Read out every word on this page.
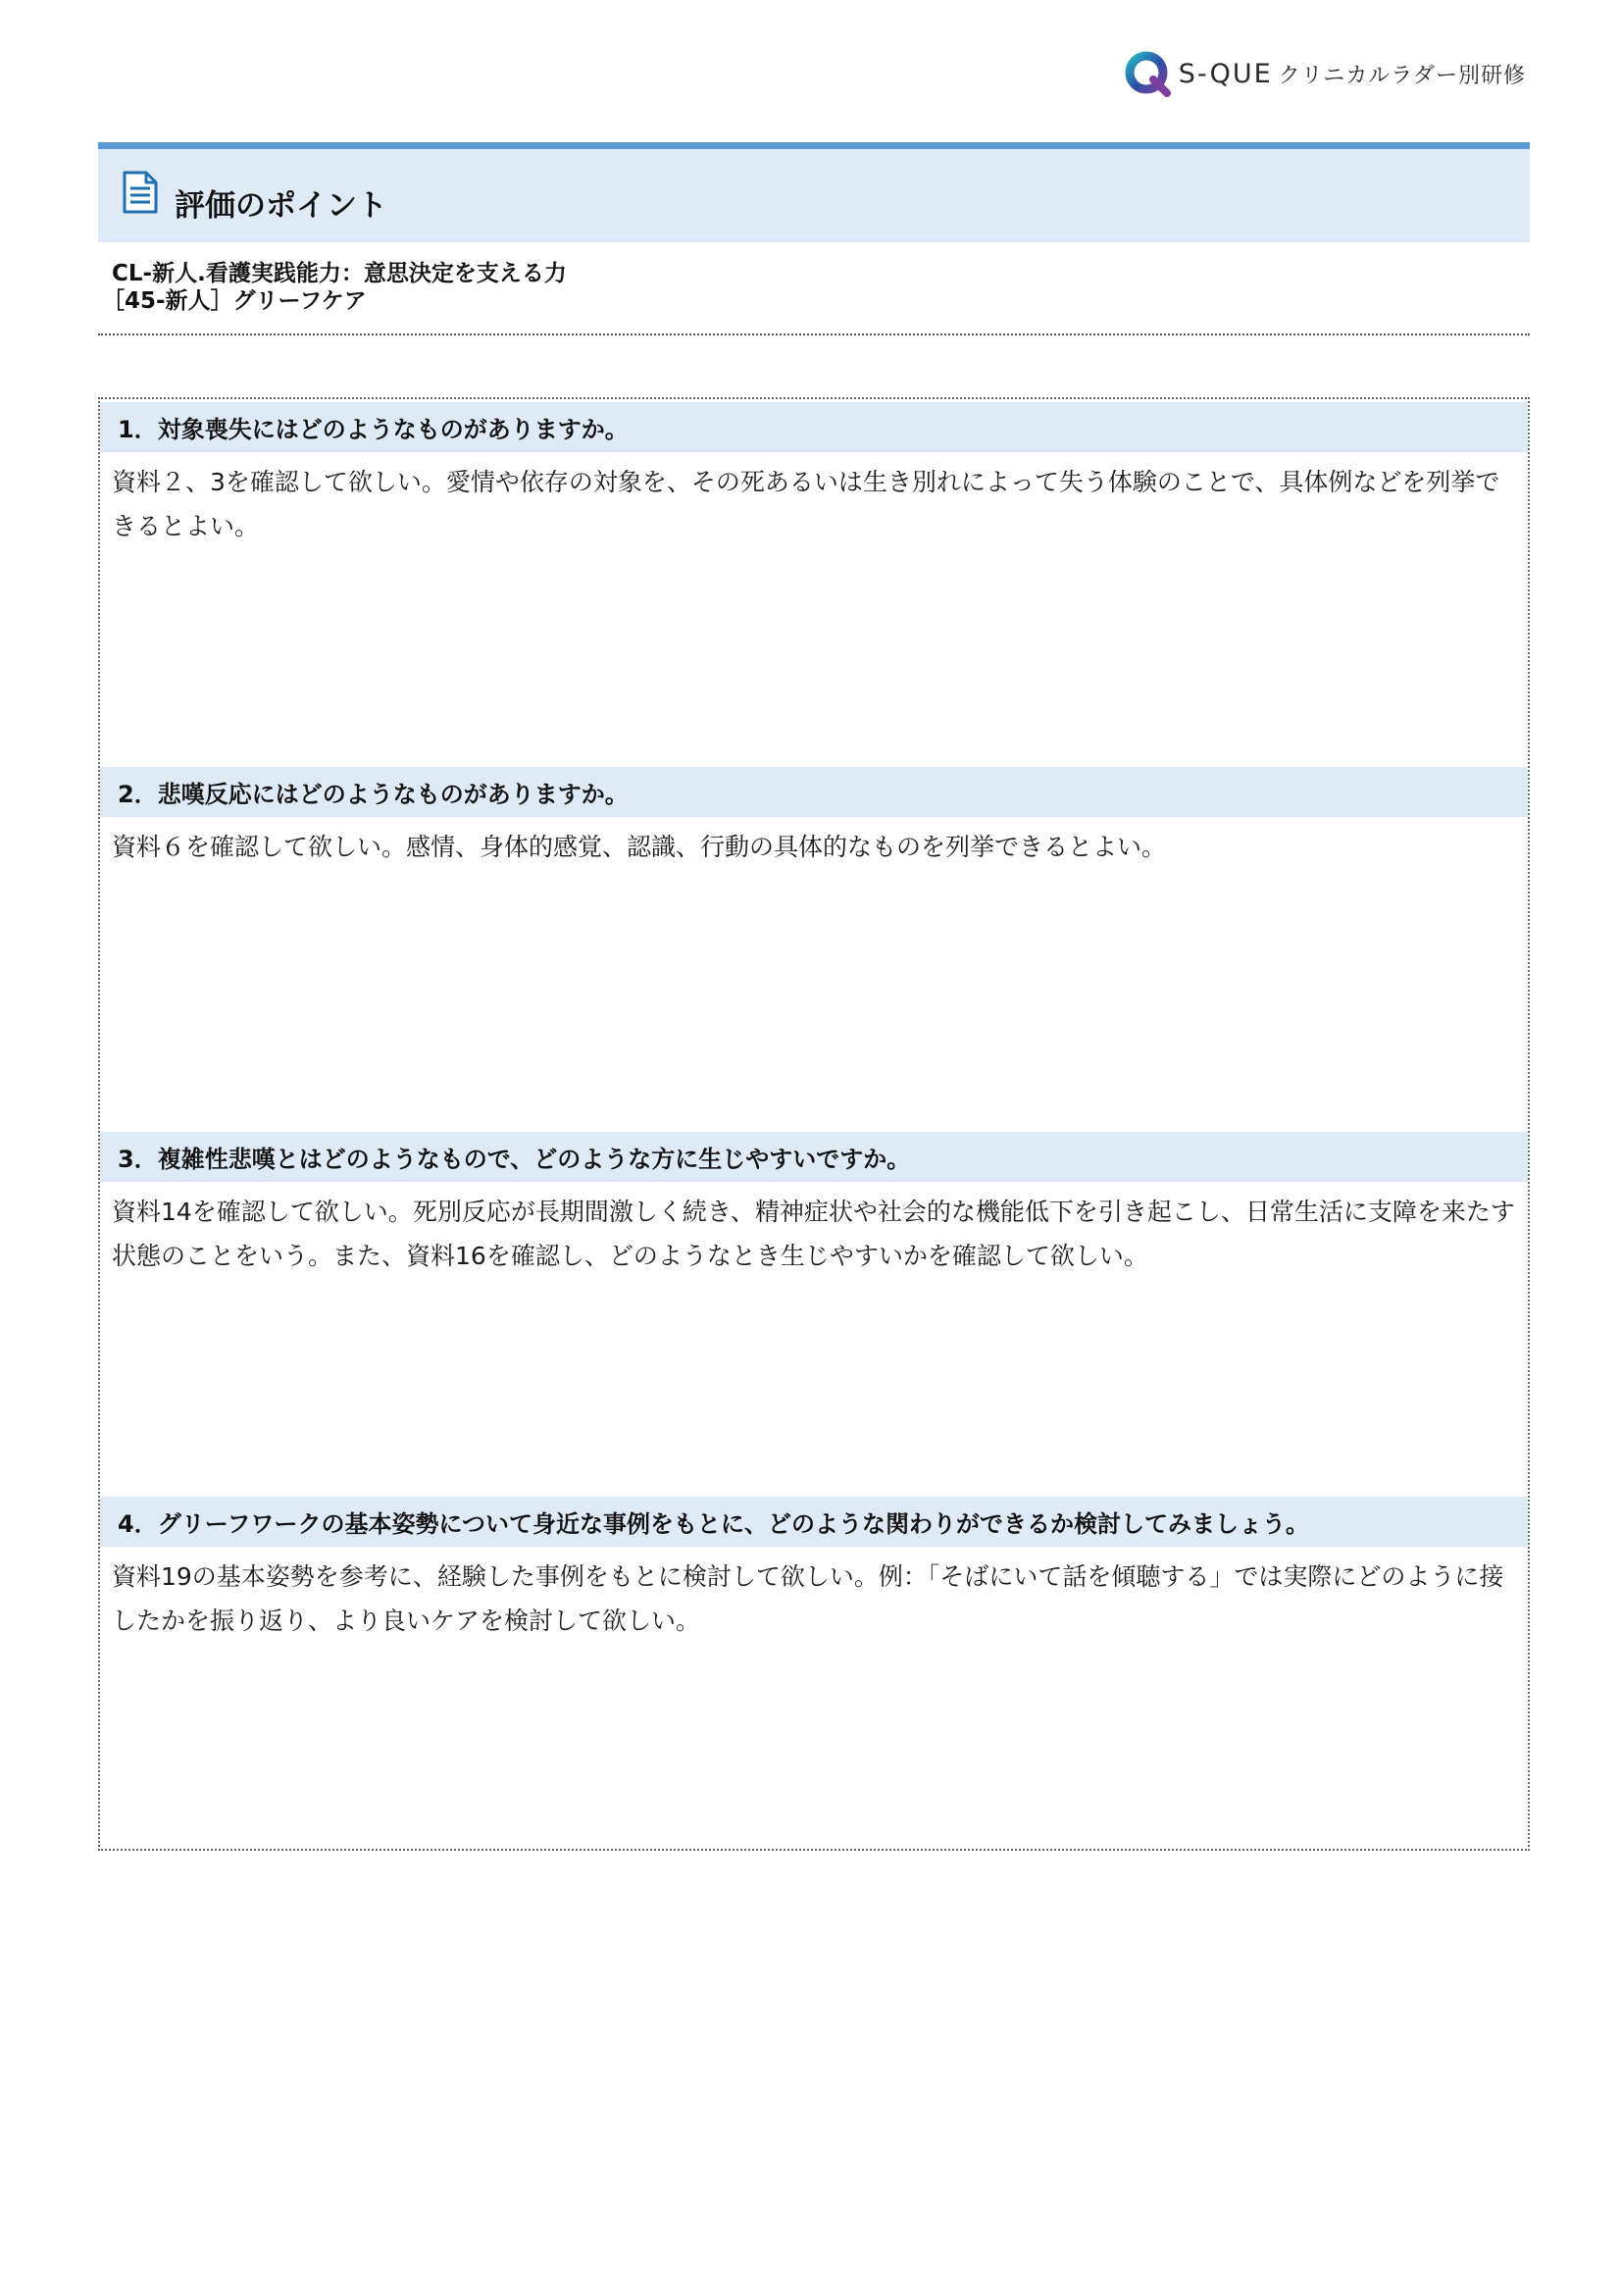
S-QUE クリニカルラダー別研修
評価のポイント
CL-新人.看護実践能力：意思決定を支える力
［45-新人］グリーフケア
1．対象喪失にはどのようなものがありますか。
資料２、3を確認して欲しい。愛情や依存の対象を、その死あるいは生き別れによって失う体験のことで、具体例などを列挙できるとよい。
2．悲嘆反応にはどのようなものがありますか。
資料６を確認して欲しい。感情、身体的感覚、認識、行動の具体的なものを列挙できるとよい。
3．複雑性悲嘆とはどのようなもので、どのような方に生じやすいですか。
資料14を確認して欲しい。死別反応が長期間激しく続き、精神症状や社会的な機能低下を引き起こし、日常生活に支障を来たす状態のことをいう。また、資料16を確認し、どのようなとき生じやすいかを確認して欲しい。
4．グリーフワークの基本姿勢について身近な事例をもとに、どのような関わりができるか検討してみましょう。
資料19の基本姿勢を参考に、経験した事例をもとに検討して欲しい。例：「そばにいて話を傾聴する」では実際にどのように接したかを振り返り、より良いケアを検討して欲しい。
